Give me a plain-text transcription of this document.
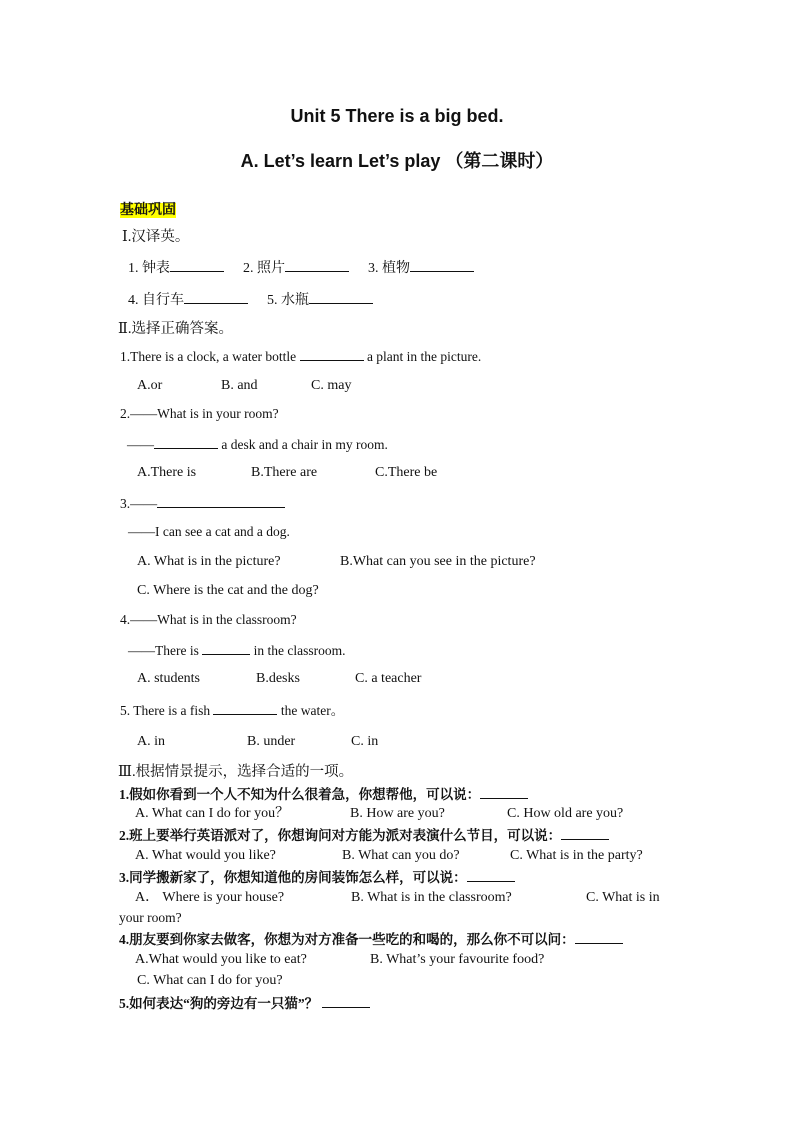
Unit 5 There is a big bed.
A. Let’s learn Let’s play （第二课时）
基础巩固
Ⅰ.汉译英。
1. 钟表	2. 照片	3. 植物
4. 自行车	5. 水瓶
Ⅱ.选择正确答案。
1.There is a clock, a water bottle	a plant in the picture.
A.or	B. and	C. may
2.——What is in your room?
——	a desk and a chair in my room.
A.There is	B.There are	C.There be
3.——
——I can see a cat and a dog.
A. What is in the picture?	B.What can you see in the picture?
C. Where is the cat and the dog?
4.——What is in the classroom?
——There is	in the classroom.
A. students	B.desks	C. a teacher
5. There is a fish	the water。
A. in	B. under	C. in
Ⅲ.根据情景提示，选择合适的一项。
1.假如你看到一个人不知为什么很着急，你想帮他，可以说：
A. What can I do for you？	B. How are you?	C. How old are you?
2.班上要举行英语派对了，你想询问对方能为派对表演什么节目，可以说：
A. What would you like?	B. What can you do?	C. What is in the party?
3.同学搬新家了，你想知道他的房间装饰怎么样，可以说：
A． Where is your house?	B. What is in the classroom?	C. What is in
your room?
4.朋友要到你家去做客，你想为对方准备一些吃的和喝的，那么你不可以问：
A.What would you like to eat?	B. What’s your favourite food?
C. What can I do for you?
5.如何表达“狗的旁边有一只猫”？
